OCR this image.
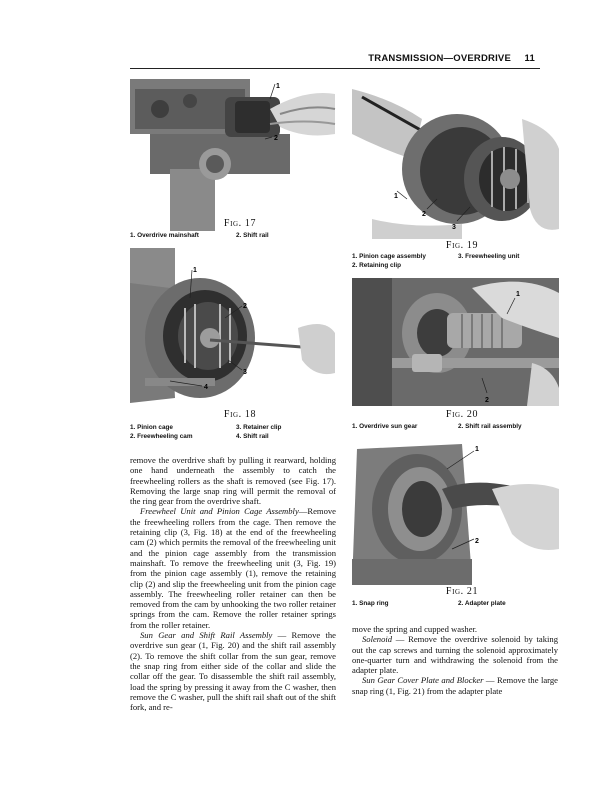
TRANSMISSION—OVERDRIVE 11
1
2
Fig. 17
1. Overdrive mainshaft	2. Shift rail
1
2
3
4
Fig. 18
1. Pinion cage
2. Freewheeling cam
3. Retainer clip
4. Shift rail
1
2
3
Fig. 19
1. Pinion cage assembly
2. Retaining clip
3. Freewheeling unit
1
2
Fig. 20
1. Overdrive sun gear	2. Shift rail assembly
1
2
Fig. 21
1. Snap ring	2. Adapter plate

remove the overdrive shaft by pulling it rearward, holding one hand underneath the assembly to catch the freewheeling rollers as the shaft is removed (see Fig. 17). Removing the large snap ring will permit the removal of the ring gear from the overdrive shaft.

Freewheel Unit and Pinion Cage Assembly—Remove the freewheeling rollers from the cage. Then remove the retaining clip (3, Fig. 18) at the end of the freewheeling cam (2) which permits the removal of the freewheeling unit and the pinion cage assembly from the transmission mainshaft. To remove the freewheeling unit (3, Fig. 19) from the pinion cage assembly (1), remove the retaining clip (2) and slip the freewheeling unit from the pinion cage assembly. The freewheeling roller retainer can then be removed from the cam by unhooking the two roller retainer springs from the cam. Remove the roller retainer springs from the roller retainer.

Sun Gear and Shift Rail Assembly — Remove the overdrive sun gear (1, Fig. 20) and the shift rail assembly (2). To remove the shift collar from the sun gear, remove the snap ring from either side of the collar and slide the collar off the gear. To disassemble the shift rail assembly, load the spring by pressing it away from the C washer, then remove the C washer, pull the shift rail shaft out of the shift fork, and re-

move the spring and cupped washer.

Solenoid — Remove the overdrive solenoid by taking out the cap screws and turning the solenoid approximately one-quarter turn and withdrawing the solenoid from the adapter plate.

Sun Gear Cover Plate and Blocker — Remove the large snap ring (1, Fig. 21) from the adapter plate
